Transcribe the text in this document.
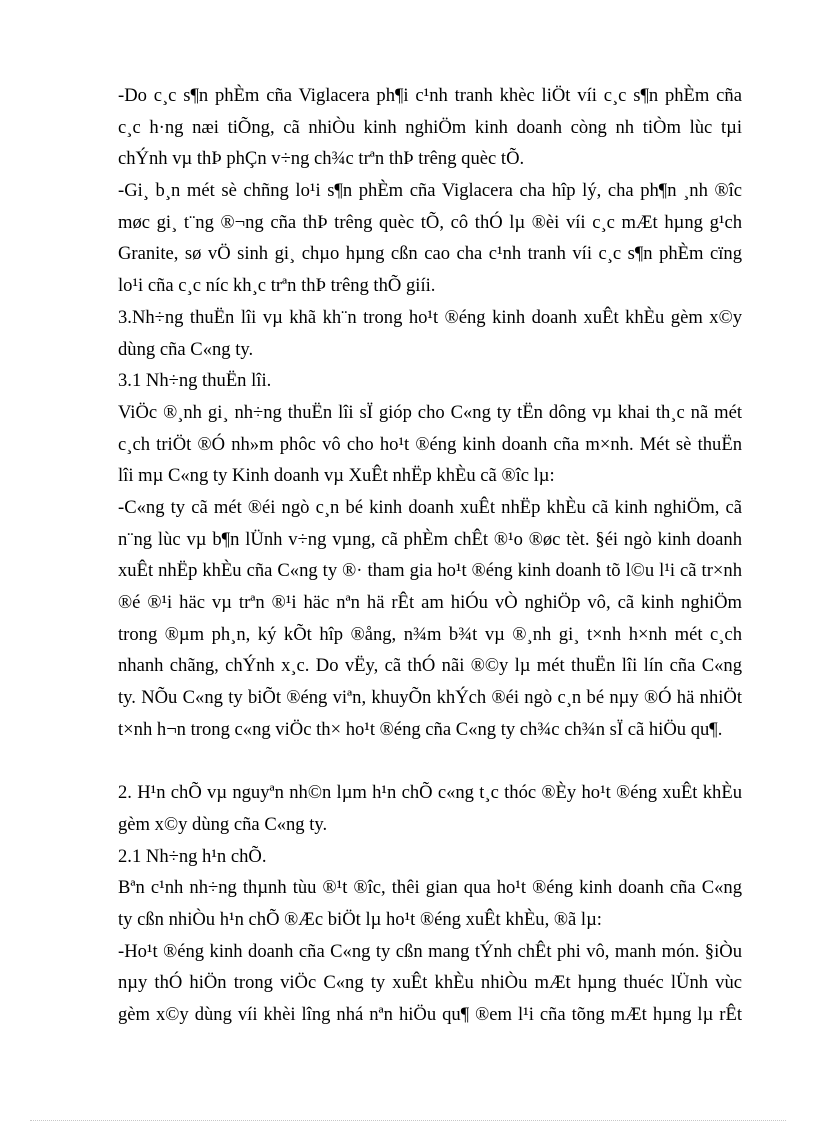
-Do c¸c s¶n phÈm cña Viglacera ph¶i c¹nh tranh khèc liÖt víi c¸c s¶n phÈm cña
c¸c h·ng næi tiÕng, cã nhiÒu kinh nghiÖm kinh doanh còng nh tiÒm lùc tµi
chÝnh vµ thÞ phÇn v÷ng ch¾c trªn thÞ trêng quèc tÕ.
-Gi¸ b¸n mét sè chñng lo¹i s¶n phÈm cña Viglacera cha hîp lý, cha ph¶n ¸nh ®îc
møc gi¸ t¨ng ®¬ng cña thÞ trêng quèc tÕ, cô thÓ lµ ®èi víi c¸c mÆt hµng g¹ch
Granite, sø vÖ sinh gi¸ chµo hµng cßn cao cha c¹nh tranh víi c¸c s¶n phÈm cïng
lo¹i cña c¸c níc kh¸c trªn thÞ trêng thÕ giíi.
3.Nh÷ng thuËn lîi vµ khã kh¨n trong ho¹t ®éng kinh doanh xuÊt khÈu gèm x©y
dùng cña C«ng ty.
3.1 Nh÷ng thuËn lîi.
ViÖc ®¸nh gi¸ nh÷ng thuËn lîi sÏ gióp cho C«ng ty tËn dông vµ khai th¸c nã mét
c¸ch triÖt ®Ó nh»m phôc vô cho ho¹t ®éng kinh doanh cña m×nh. Mét sè thuËn
lîi mµ C«ng ty Kinh doanh vµ XuÊt nhËp khÈu cã ®îc lµ:
-C«ng ty cã mét ®éi ngò c¸n bé kinh doanh xuÊt nhËp khÈu cã kinh nghiÖm, cã
n¨ng lùc vµ b¶n lÜnh v÷ng vµng, cã phÈm chÊt ®¹o ®øc tèt. §éi ngò kinh doanh
xuÊt nhËp khÈu cña C«ng ty ®· tham gia ho¹t ®éng kinh doanh tõ l©u l¹i cã tr×nh
®é ®¹i häc vµ trªn ®¹i häc nªn hä rÊt am hiÓu vÒ nghiÖp vô, cã kinh nghiÖm
trong ®µm ph¸n, ký kÕt hîp ®ång, n¾m b¾t vµ ®¸nh gi¸ t×nh h×nh mét c¸ch
nhanh chãng, chÝnh x¸c. Do vËy, cã thÓ nãi ®©y lµ mét thuËn lîi lín cña C«ng
ty. NÕu C«ng ty biÕt ®éng viªn, khuyÕn khÝch ®éi ngò c¸n bé nµy ®Ó hä nhiÖt
t×nh h¬n trong c«ng viÖc th× ho¹t ®éng cña C«ng ty ch¾c ch¾n sÏ cã hiÖu qu¶.
2. H¹n chÕ vµ nguyªn nh©n lµm h¹n chÕ c«ng t¸c thóc ®Èy ho¹t ®éng xuÊt khÈu
gèm x©y dùng cña C«ng ty.
2.1 Nh÷ng h¹n chÕ.
Bªn c¹nh nh÷ng thµnh tùu ®¹t ®îc, thêi gian qua ho¹t ®éng kinh doanh cña C«ng
ty cßn nhiÒu h¹n chÕ ®Æc biÖt lµ ho¹t ®éng xuÊt khÈu, ®ã lµ:
-Ho¹t ®éng kinh doanh cña C«ng ty cßn mang tÝnh chÊt phi vô, manh món. §iÒu
nµy thÓ hiÖn trong viÖc C«ng ty xuÊt khÈu nhiÒu mÆt hµng thuéc lÜnh vùc
gèm x©y dùng víi khèi lîng nhá nªn hiÖu qu¶ ®em l¹i cña tõng mÆt hµng lµ rÊt
